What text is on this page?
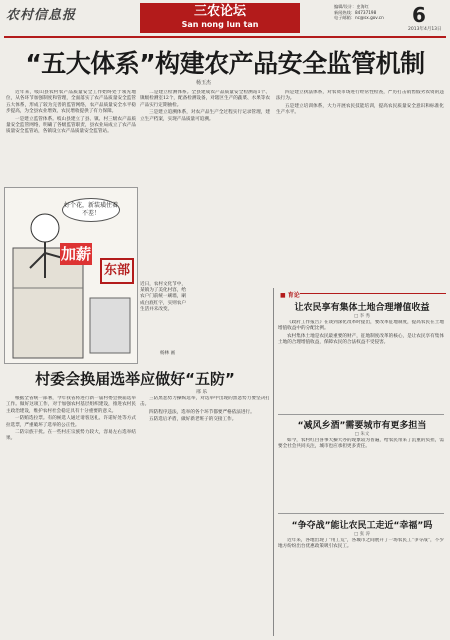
农村信息报	三农论坛
San nong lun tan
编辑/设计：史海红
新闻热线：84737198
电子邮箱：nc@sx.gov.cn	6
2013年4月13日
“五大体系”构建农产品安全监管机制
杨玉杰

近年来，岐山县农村农产品质量安全工作始终处于领先地位，从各环节加强制度和管理，全面落实了农产品质量安全监管五大体系，形成了较为完善的监管网络，农产品质量安全水平稳步提高，为全县农业增效、农民增收提供了有力保障。

一是建立监管体系。岐山县建立了县、镇、村三级农产品质量安全监管网络，明确了各级监管职责，县农业局成立了农产品质量安全监管站，各镇设立农产品质量安全监管站。

二是建立检测体系。全县建成农产品质量安全检测站1个、镇级检测室12个，配备检测设备，对辖区生产的蔬菜、水果等农产品实行定期抽检。

三是建立追溯体系，对农产品生产全过程实行记录管理，建立生产档案，实现产品质量可追溯。

四是建立执法体系，对农资市场进行经常性检查，严厉打击销售假劣农资的违法行为。

五是建立培训体系，大力开展农民技能培训，提高农民质量安全意识和标准化生产水平。

好个花，新装璜住着不差！
加薪
东部
近日，农村文化节中，某镇为了美化村容，给农户门前统一刷墙，刷成白底红字，实则农户生活并未改变。
杨林 画
村委会换届选举应做好“五防”
邢 乐

根据全省统一部署，今年我省将进行新一届村委会换届选举工作。做好这项工作，对于加强农村基层组织建设，推进农村民主政治建设，维护农村社会稳定具有十分重要的意义。

一防贿选拉票。有的候选人通过请客送礼、许诺好处等方式拉选票，严重破坏了选举的公正性。

二防宗族干扰。在一些村庄宗族势力较大，容易左右选举结果。

三防黑恶势力操纵选举，对选举中出现的黑恶势力要坚决打击。

四防程序违法，选举的各个环节都要严格依法进行。

五防选后矛盾，做好新老班子的交接工作。

■ 育论
让农民享有集体土地合理增值收益
□ 李 秀

《政府工作报告》在谈到深化改革时提出，要改革征地制度，提高农民在土地增值收益中的分配比例。

农村集体土地是农民最重要的财产，征地制度改革的核心，是让农民享有集体土地的合理增值收益，保障农民的合法权益不受侵害。

“减风乡酒”需要城市有更多担当
□ 朱文

如今，农村红白喜事大操大办的现象较为普遍，给农民带来了沉重的负担，需要全社会共同关注，城市也应承担更多责任。

“争夺战”能让农民工走近“幸福”吗
□ 张 涛

近年来，各地出现了“用工荒”，各城市之间展开了一场农民工“争夺战”，不少地方纷纷出台优惠政策吸引农民工。
